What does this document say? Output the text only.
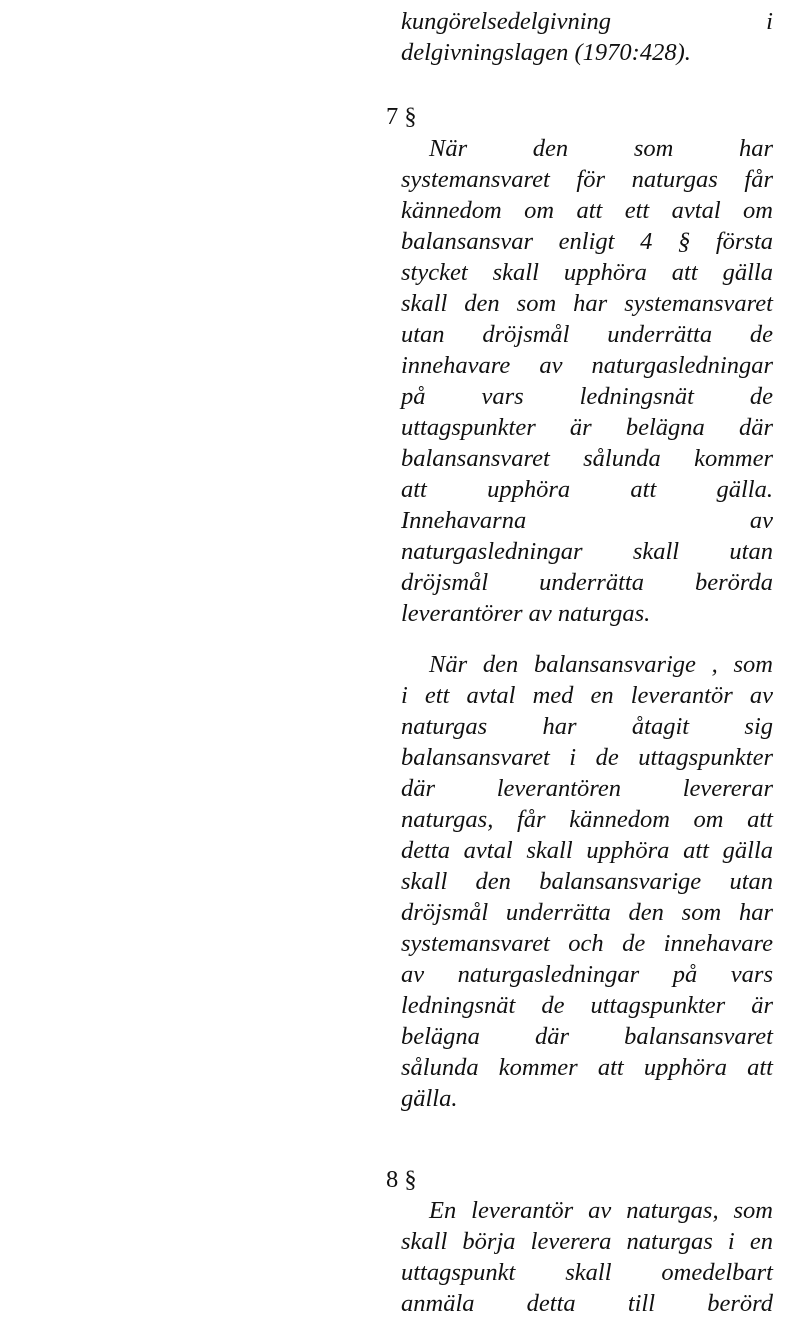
kungörelsedelgivning i
delgivningslagen (1970:428).
7 §
När den som har
systemansvaret för naturgas får
kännedom om att ett avtal om
balansansvar enligt 4 § första
stycket skall upphöra att gälla
skall den som har systemansvaret
utan dröjsmål underrätta de
innehavare av naturgasledningar
på vars ledningsnät de
uttagspunkter är belägna där
balansansvaret sålunda kommer
att upphöra att gälla.
Innehavarna av
naturgasledningar skall utan
dröjsmål underrätta berörda
leverantörer av naturgas.
När den balansansvarige , som
i ett avtal med en leverantör av
naturgas har åtagit sig
balansansvaret i de uttagspunkter
där leverantören levererar
naturgas, får kännedom om att
detta avtal skall upphöra att gälla
skall den balansansvarige utan
dröjsmål underrätta den som har
systemansvaret och de innehavare
av naturgasledningar på vars
ledningsnät de uttagspunkter är
belägna där balansansvaret
sålunda kommer att upphöra att
gälla.
8 §
En leverantör av naturgas, som
skall börja leverera naturgas i en
uttagspunkt skall omedelbart
anmäla detta till berörd
